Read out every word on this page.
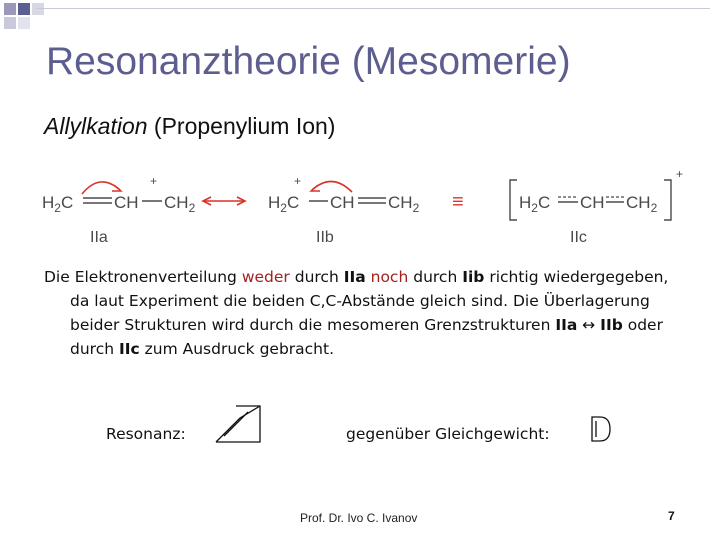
Resonanztheorie (Mesomerie)
Allylkation (Propenylium Ion)
$H_2C$ CH $CH_2$
+
IIa
$H_2C$
+
CH $CH_2$
IIb
≡
+
$H_2C$ CH $CH_2$
IIc

Die Elektronenverteilung weder durch IIa noch durch Iib richtig wiedergegeben, da laut Experiment die beiden C,C-Abstände gleich sind. Die Überlagerung beider Strukturen wird durch die mesomeren Grenzstrukturen IIa ↔ IIb oder durch IIc zum Ausdruck gebracht.

Resonanz:	gegenüber Gleichgewicht:
Prof. Dr. Ivo C. Ivanov	7
